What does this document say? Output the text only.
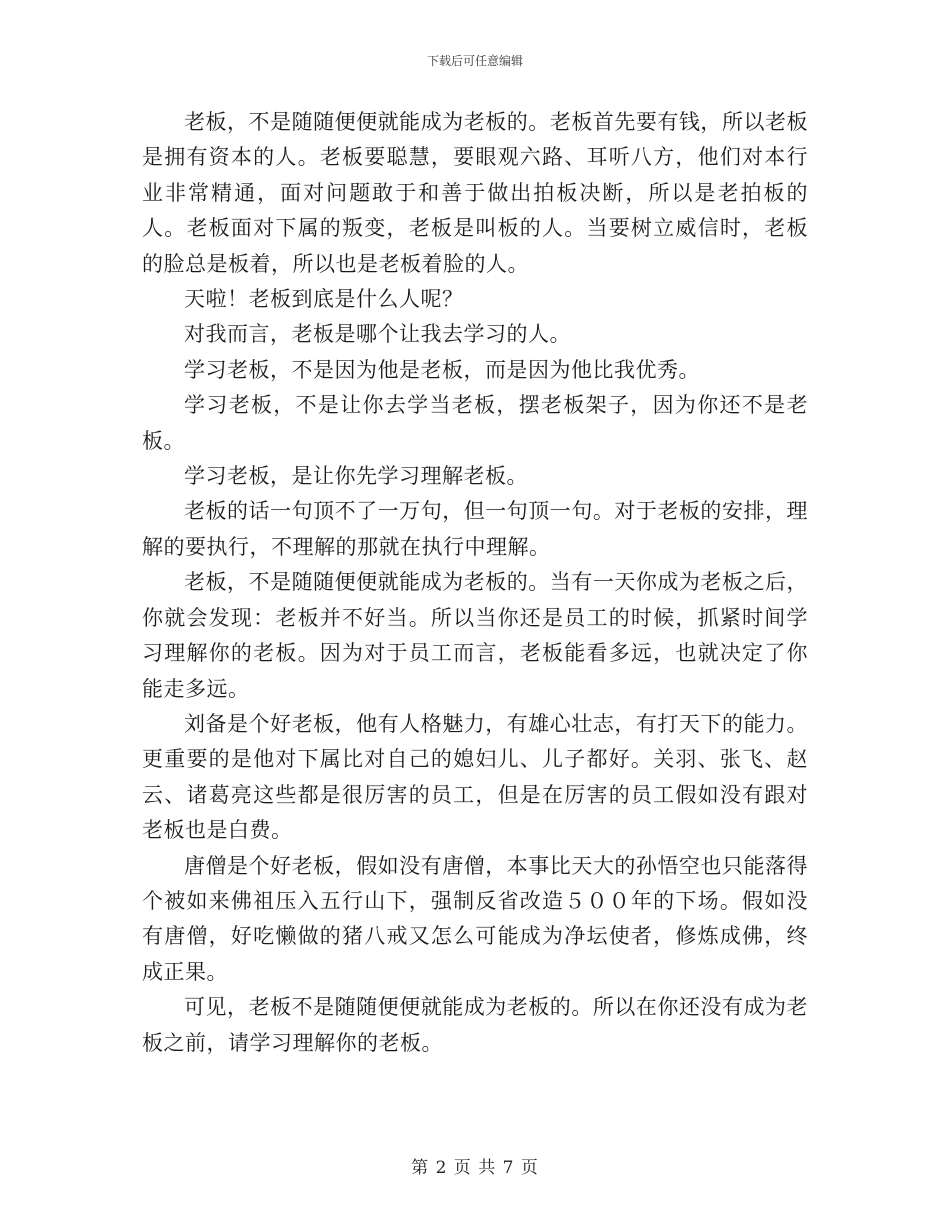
下载后可任意编辑

老板，不是随随便便就能成为老板的。老板首先要有钱，所以老板是拥有资本的人。老板要聪慧，要眼观六路、耳听八方，他们对本行业非常精通，面对问题敢于和善于做出拍板决断，所以是老拍板的人。老板面对下属的叛变，老板是叫板的人。当要树立威信时，老板的脸总是板着，所以也是老板着脸的人。

天啦！老板到底是什么人呢？

对我而言，老板是哪个让我去学习的人。

学习老板，不是因为他是老板，而是因为他比我优秀。

学习老板，不是让你去学当老板，摆老板架子，因为你还不是老板。

学习老板，是让你先学习理解老板。

老板的话一句顶不了一万句，但一句顶一句。对于老板的安排，理解的要执行，不理解的那就在执行中理解。

老板，不是随随便便就能成为老板的。当有一天你成为老板之后，你就会发现：老板并不好当。所以当你还是员工的时候，抓紧时间学习理解你的老板。因为对于员工而言，老板能看多远，也就决定了你能走多远。

刘备是个好老板，他有人格魅力，有雄心壮志，有打天下的能力。更重要的是他对下属比对自己的媳妇儿、儿子都好。关羽、张飞、赵云、诸葛亮这些都是很厉害的员工，但是在厉害的员工假如没有跟对老板也是白费。

唐僧是个好老板，假如没有唐僧，本事比天大的孙悟空也只能落得个被如来佛祖压入五行山下，强制反省改造５００年的下场。假如没有唐僧，好吃懒做的猪八戒又怎么可能成为净坛使者，修炼成佛，终成正果。

可见，老板不是随随便便就能成为老板的。所以在你还没有成为老板之前，请学习理解你的老板。

第 2 页 共 7 页
